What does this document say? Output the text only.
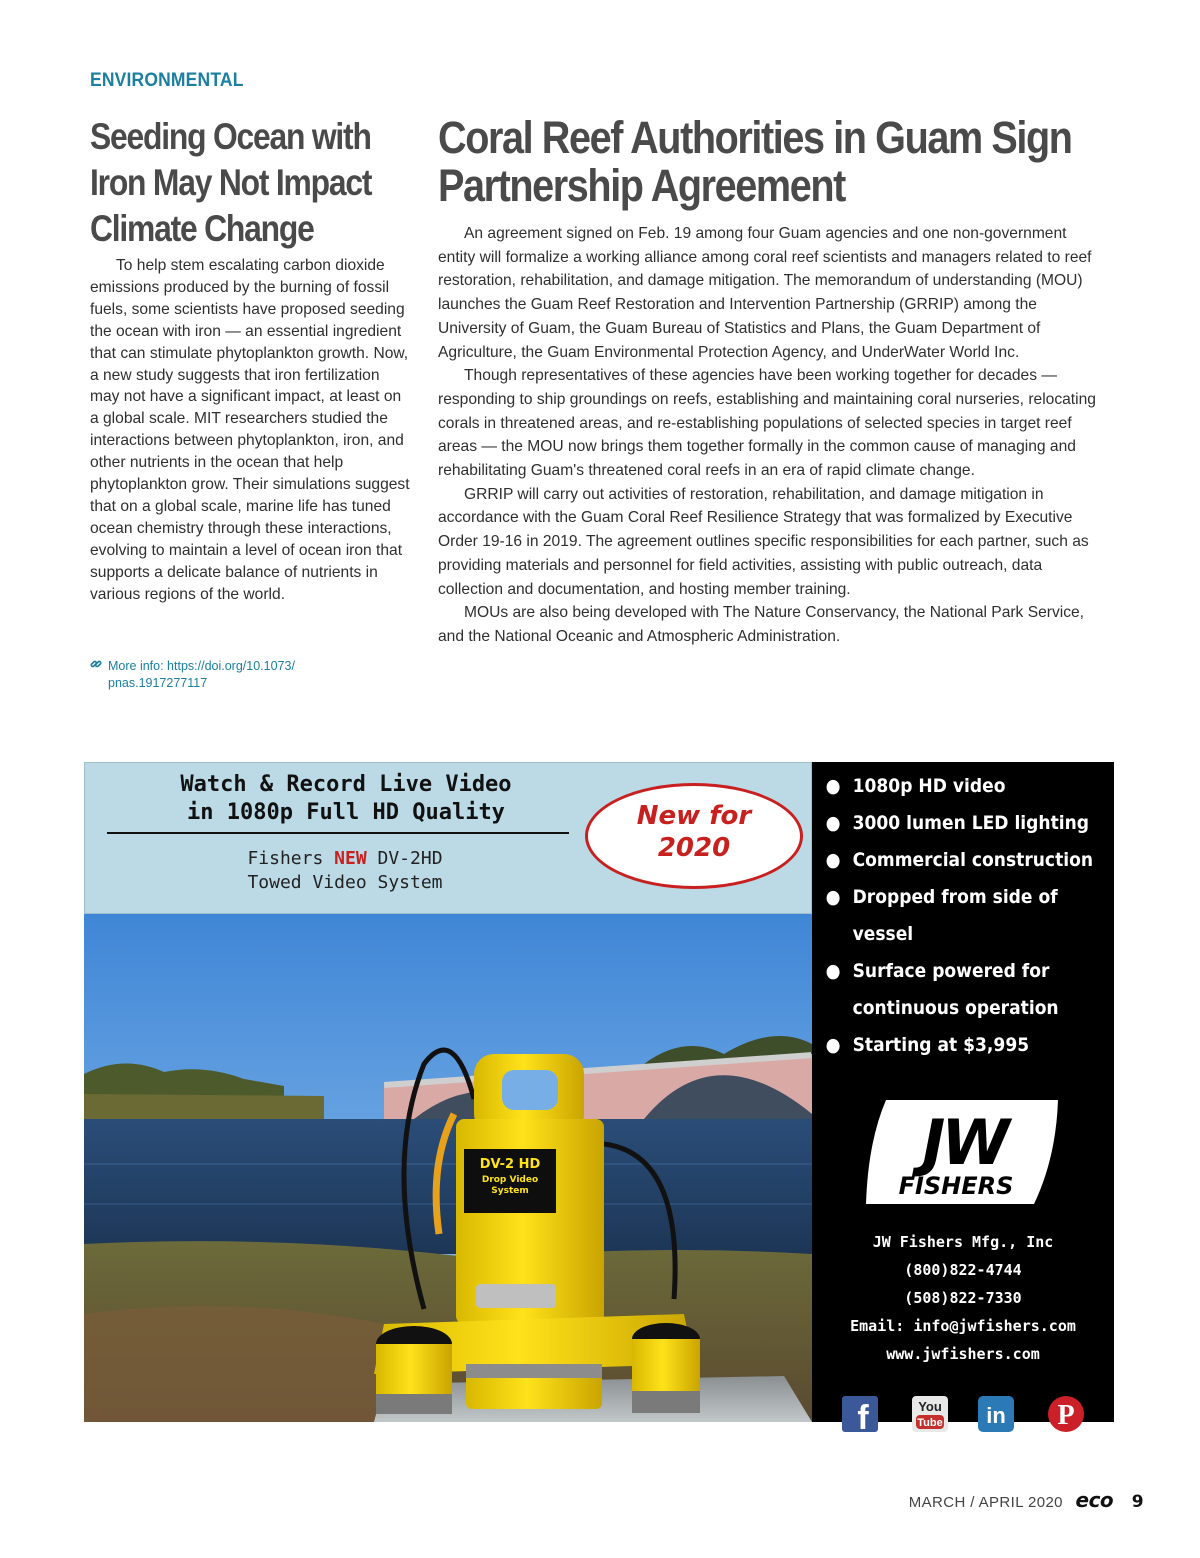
ENVIRONMENTAL
Seeding Ocean with Iron May Not Impact Climate Change

To help stem escalating carbon dioxide emissions produced by the burning of fossil fuels, some scientists have proposed seeding the ocean with iron — an essential ingredient that can stimulate phytoplankton growth. Now, a new study suggests that iron fertilization may not have a significant impact, at least on a global scale. MIT researchers studied the interactions between phytoplankton, iron, and other nutrients in the ocean that help phytoplankton grow. Their simulations suggest that on a global scale, marine life has tuned ocean chemistry through these interactions, evolving to maintain a level of ocean iron that supports a delicate balance of nutrients in various regions of the world.

More info: https://doi.org/10.1073/
pnas.1917277117
Coral Reef Authorities in Guam Sign Partnership Agreement

An agreement signed on Feb. 19 among four Guam agencies and one non-government entity will formalize a working alliance among coral reef scientists and managers related to reef restoration, rehabilitation, and damage mitigation. The memorandum of understanding (MOU) launches the Guam Reef Restoration and Intervention Partnership (GRRIP) among the University of Guam, the Guam Bureau of Statistics and Plans, the Guam Department of Agriculture, the Guam Environmental Protection Agency, and UnderWater World Inc.

Though representatives of these agencies have been working together for decades — responding to ship groundings on reefs, establishing and maintaining coral nurseries, relocating corals in threatened areas, and re-establishing populations of selected species in target reef areas — the MOU now brings them together formally in the common cause of managing and rehabilitating Guam's threatened coral reefs in an era of rapid climate change.

GRRIP will carry out activities of restoration, rehabilitation, and damage mitigation in accordance with the Guam Coral Reef Resilience Strategy that was formalized by Executive Order 19-16 in 2019. The agreement outlines specific responsibilities for each partner, such as providing materials and personnel for field activities, assisting with public outreach, data collection and documentation, and hosting member training.

MOUs are also being developed with The Nature Conservancy, the National Park Service, and the National Oceanic and Atmospheric Administration.

Watch & Record Live Video
in 1080p Full HD Quality
Fishers NEW DV-2HD
Towed Video System
New for
2020
DV-2 HD
Drop Video
System
● 1080p HD video
● 3000 lumen LED lighting
● Commercial construction
● Dropped from side of
vessel
● Surface powered for
continuous operation
● Starting at $3,995
JW
FISHERS
JW Fishers Mfg., Inc
(800)822-4744
(508)822-7330
Email: info@jwfishers.com
www.jwfishers.com
f	You
Tube in P
MARCH / APRIL 2020 eco 9
